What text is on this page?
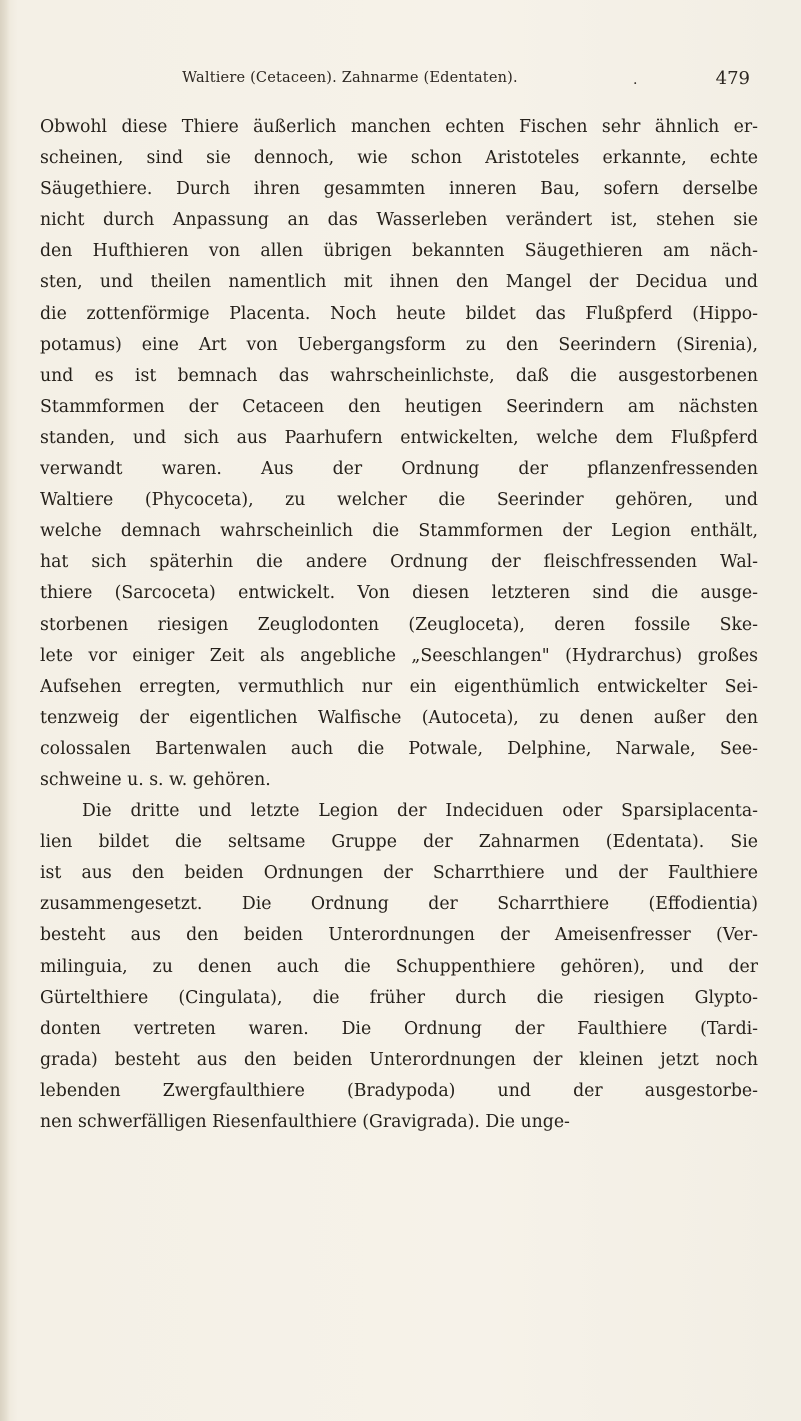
Waltiere (Cetaceen). Zahnarme (Edentaten).	.	479

Obwohl diese Thiere äußerlich manchen echten Fischen sehr ähnlich er-
scheinen, sind sie dennoch, wie schon Aristoteles erkannte, echte
Säugethiere. Durch ihren gesammten inneren Bau, sofern derselbe
nicht durch Anpassung an das Wasserleben verändert ist, stehen sie
den Hufthieren von allen übrigen bekannten Säugethieren am näch-
sten, und theilen namentlich mit ihnen den Mangel der Decidua und
die zottenförmige Placenta. Noch heute bildet das Flußpferd (Hippo-
potamus) eine Art von Uebergangsform zu den Seerindern (Sirenia),
und es ist bemnach das wahrscheinlichste, daß die ausgestorbenen
Stammformen der Cetaceen den heutigen Seerindern am nächsten
standen, und sich aus Paarhufern entwickelten, welche dem Flußpferd
verwandt waren. Aus der Ordnung der pflanzenfressenden
Waltiere (Phycoceta), zu welcher die Seerinder gehören, und
welche demnach wahrscheinlich die Stammformen der Legion enthält,
hat sich späterhin die andere Ordnung der fleischfressenden Wal-
thiere (Sarcoceta) entwickelt. Von diesen letzteren sind die ausge-
storbenen riesigen Zeuglodonten (Zeugloceta), deren fossile Ske-
lete vor einiger Zeit als angebliche „Seeschlangen" (Hydrarchus) großes
Aufsehen erregten, vermuthlich nur ein eigenthümlich entwickelter Sei-
tenzweig der eigentlichen Walfische (Autoceta), zu denen außer den
colossalen Bartenwalen auch die Potwale, Delphine, Narwale, See-
schweine u. s. w. gehören.

Die dritte und letzte Legion der Indeciduen oder Sparsiplacenta-
lien bildet die seltsame Gruppe der Zahnarmen (Edentata). Sie
ist aus den beiden Ordnungen der Scharrthiere und der Faulthiere
zusammengesetzt. Die Ordnung der Scharrthiere (Effodientia)
besteht aus den beiden Unterordnungen der Ameisenfresser (Ver-
milinguia, zu denen auch die Schuppenthiere gehören), und der
Gürtelthiere (Cingulata), die früher durch die riesigen Glypto-
donten vertreten waren. Die Ordnung der Faulthiere (Tardi-
grada) besteht aus den beiden Unterordnungen der kleinen jetzt noch
lebenden Zwergfaulthiere (Bradypoda) und der ausgestorbe-
nen schwerfälligen Riesenfaulthiere (Gravigrada). Die unge-
